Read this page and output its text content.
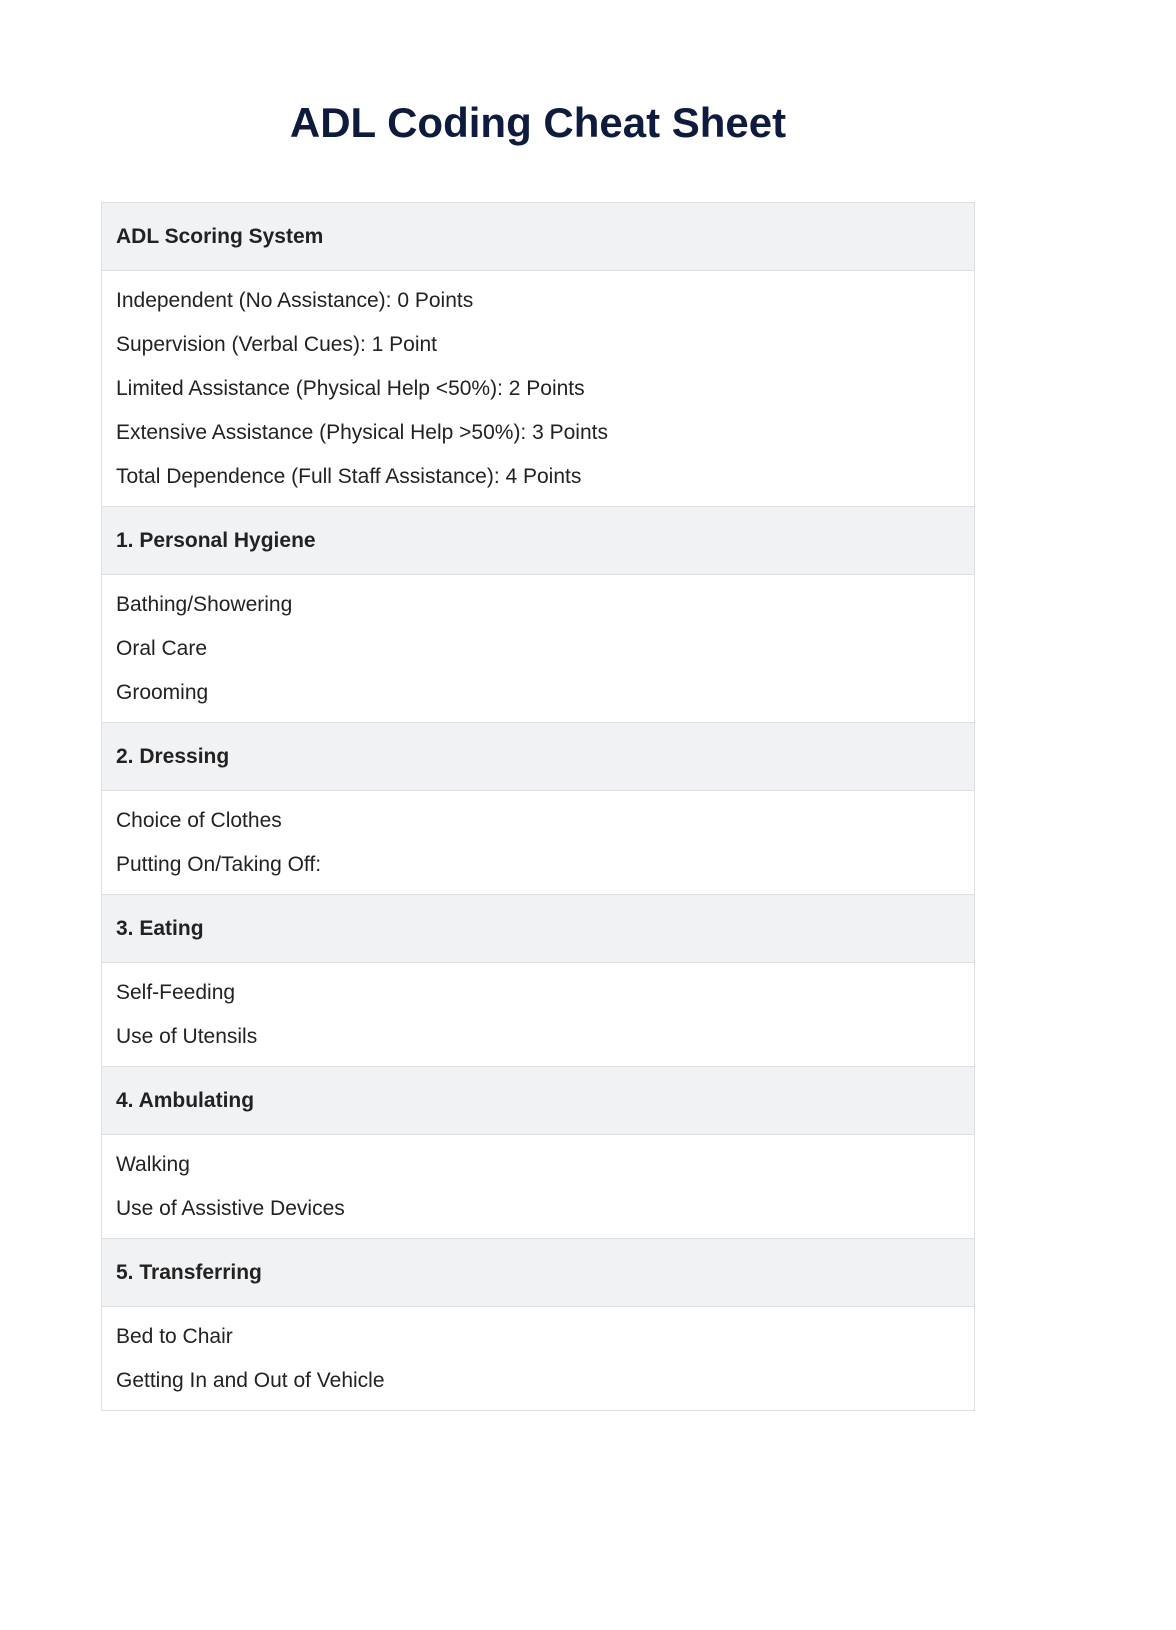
ADL Coding Cheat Sheet
ADL Scoring System
Independent (No Assistance): 0 Points
Supervision (Verbal Cues): 1 Point
Limited Assistance (Physical Help <50%): 2 Points
Extensive Assistance (Physical Help >50%): 3 Points
Total Dependence (Full Staff Assistance): 4 Points
1. Personal Hygiene
Bathing/Showering
Oral Care
Grooming
2. Dressing
Choice of Clothes
Putting On/Taking Off:
3. Eating
Self-Feeding
Use of Utensils
4. Ambulating
Walking
Use of Assistive Devices
5. Transferring
Bed to Chair
Getting In and Out of Vehicle
